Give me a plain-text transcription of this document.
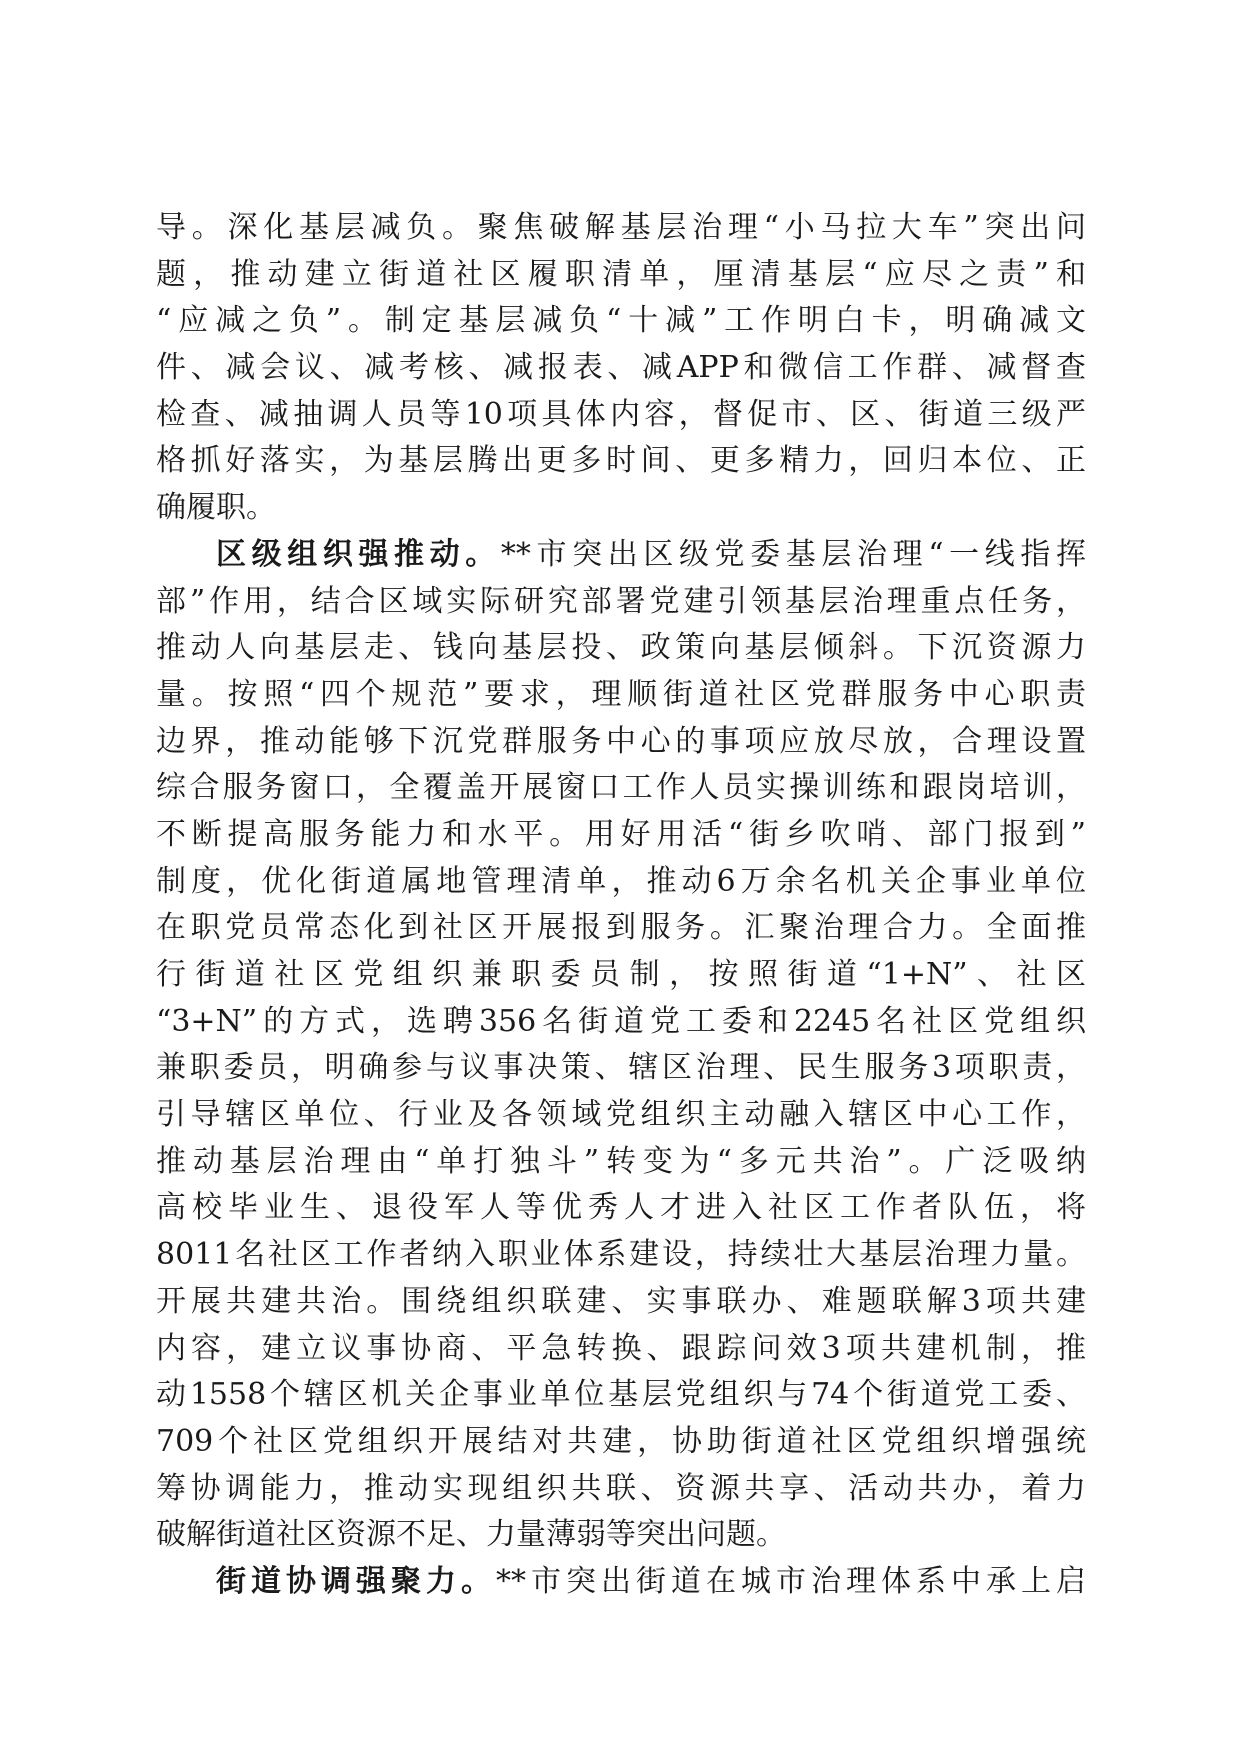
导。深化基层减负。聚焦破解基层治理“小马拉大车”突出问
题，推动建立街道社区履职清单，厘清基层“应尽之责”和
“应减之负”。制定基层减负“十减”工作明白卡，明确减文
件、减会议、减考核、减报表、减APP和微信工作群、减督查
检查、减抽调人员等10项具体内容，督促市、区、街道三级严
格抓好落实，为基层腾出更多时间、更多精力，回归本位、正
确履职。
区级组织强推动。**市突出区级党委基层治理“一线指挥
部”作用，结合区域实际研究部署党建引领基层治理重点任务，
推动人向基层走、钱向基层投、政策向基层倾斜。下沉资源力
量。按照“四个规范”要求，理顺街道社区党群服务中心职责
边界，推动能够下沉党群服务中心的事项应放尽放，合理设置
综合服务窗口，全覆盖开展窗口工作人员实操训练和跟岗培训，
不断提高服务能力和水平。用好用活“街乡吹哨、部门报到”
制度，优化街道属地管理清单，推动6万余名机关企事业单位
在职党员常态化到社区开展报到服务。汇聚治理合力。全面推
行街道社区党组织兼职委员制，按照街道“1+N”、社区
“3+N”的方式，选聘356名街道党工委和2245名社区党组织
兼职委员，明确参与议事决策、辖区治理、民生服务3项职责，
引导辖区单位、行业及各领域党组织主动融入辖区中心工作，
推动基层治理由“单打独斗”转变为“多元共治”。广泛吸纳
高校毕业生、退役军人等优秀人才进入社区工作者队伍，将
8011名社区工作者纳入职业体系建设，持续壮大基层治理力量。
开展共建共治。围绕组织联建、实事联办、难题联解3项共建
内容，建立议事协商、平急转换、跟踪问效3项共建机制，推
动1558个辖区机关企事业单位基层党组织与74个街道党工委、
709个社区党组织开展结对共建，协助街道社区党组织增强统
筹协调能力，推动实现组织共联、资源共享、活动共办，着力
破解街道社区资源不足、力量薄弱等突出问题。
街道协调强聚力。**市突出街道在城市治理体系中承上启
